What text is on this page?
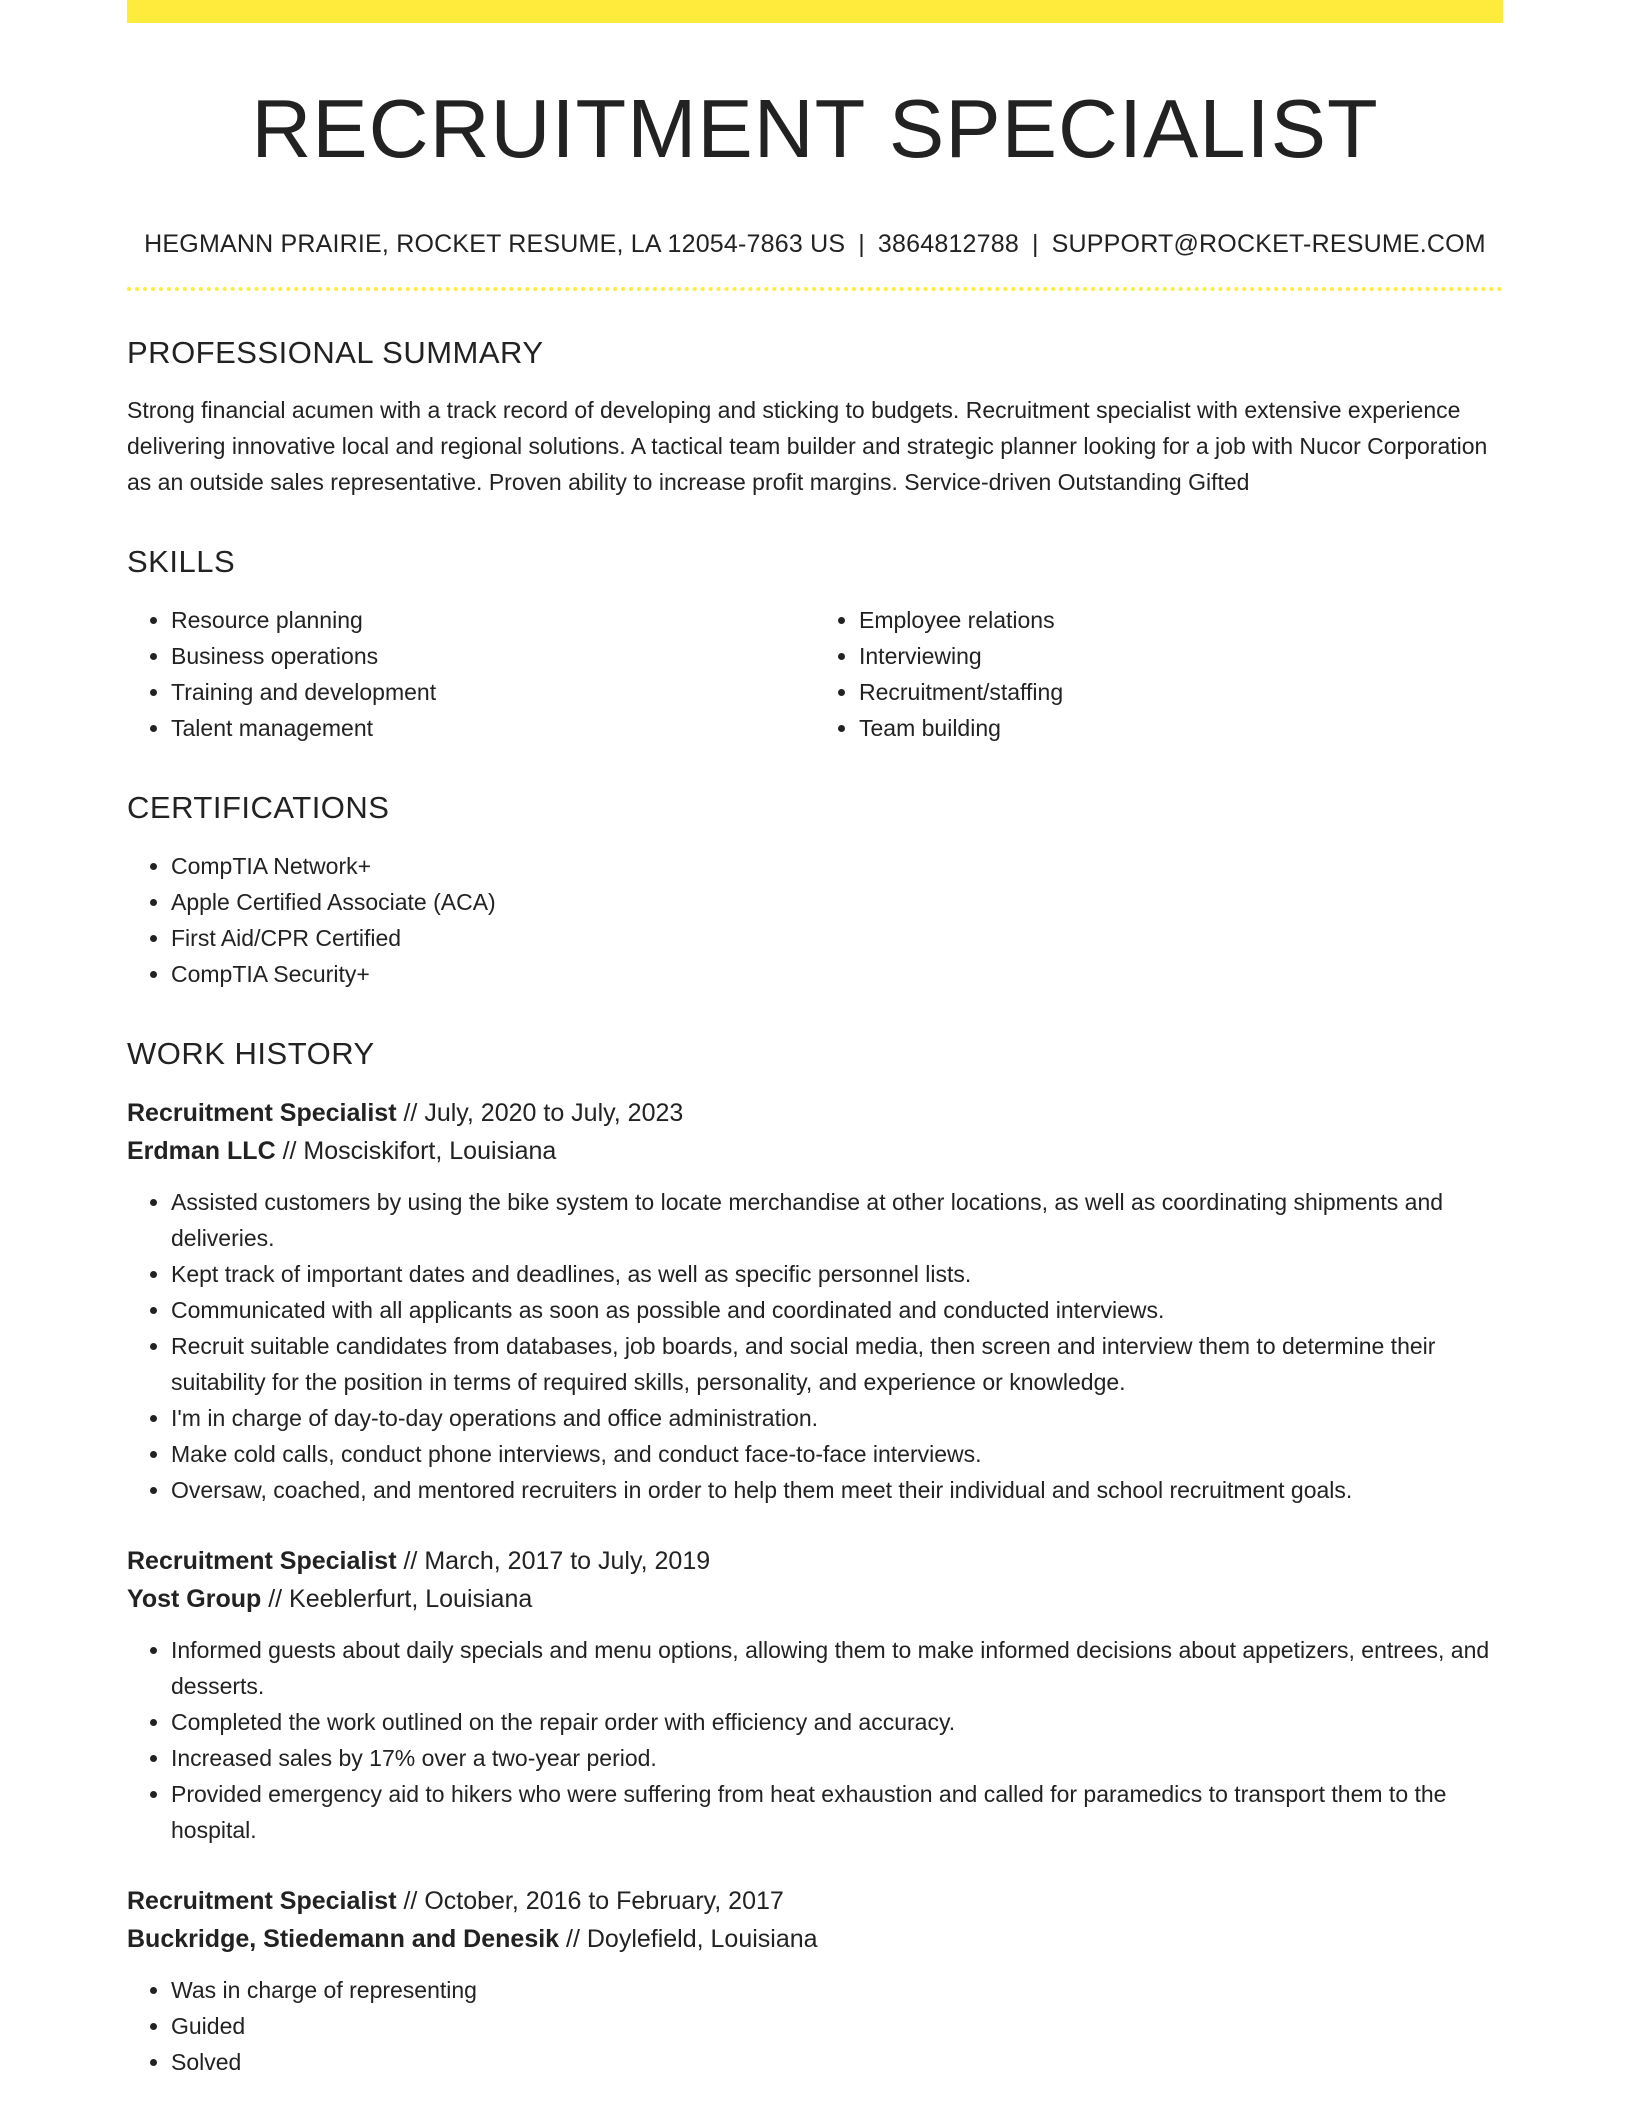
RECRUITMENT SPECIALIST
HEGMANN PRAIRIE, ROCKET RESUME, LA 12054-7863 US | 3864812788 | SUPPORT@ROCKET-RESUME.COM
PROFESSIONAL SUMMARY

Strong financial acumen with a track record of developing and sticking to budgets. Recruitment specialist with extensive experience delivering innovative local and regional solutions. A tactical team builder and strategic planner looking for a job with Nucor Corporation as an outside sales representative. Proven ability to increase profit margins. Service-driven Outstanding Gifted

SKILLS
• Resource planning
• Business operations
• Training and development
• Talent management
• Employee relations
• Interviewing
• Recruitment/staffing
• Team building
CERTIFICATIONS
• CompTIA Network+
• Apple Certified Associate (ACA)
• First Aid/CPR Certified
• CompTIA Security+
WORK HISTORY
Recruitment Specialist // July, 2020 to July, 2023
Erdman LLC // Mosciskifort, Louisiana
• Assisted customers by using the bike system to locate merchandise at other locations, as well as coordinating shipments and deliveries.
• Kept track of important dates and deadlines, as well as specific personnel lists.
• Communicated with all applicants as soon as possible and coordinated and conducted interviews.
• Recruit suitable candidates from databases, job boards, and social media, then screen and interview them to determine their suitability for the position in terms of required skills, personality, and experience or knowledge.
• I'm in charge of day-to-day operations and office administration.
• Make cold calls, conduct phone interviews, and conduct face-to-face interviews.
• Oversaw, coached, and mentored recruiters in order to help them meet their individual and school recruitment goals.
Recruitment Specialist // March, 2017 to July, 2019
Yost Group // Keeblerfurt, Louisiana
• Informed guests about daily specials and menu options, allowing them to make informed decisions about appetizers, entrees, and desserts.
• Completed the work outlined on the repair order with efficiency and accuracy.
• Increased sales by 17% over a two-year period.
• Provided emergency aid to hikers who were suffering from heat exhaustion and called for paramedics to transport them to the hospital.
Recruitment Specialist // October, 2016 to February, 2017
Buckridge, Stiedemann and Denesik // Doylefield, Louisiana
• Was in charge of representing
• Guided
• Solved
